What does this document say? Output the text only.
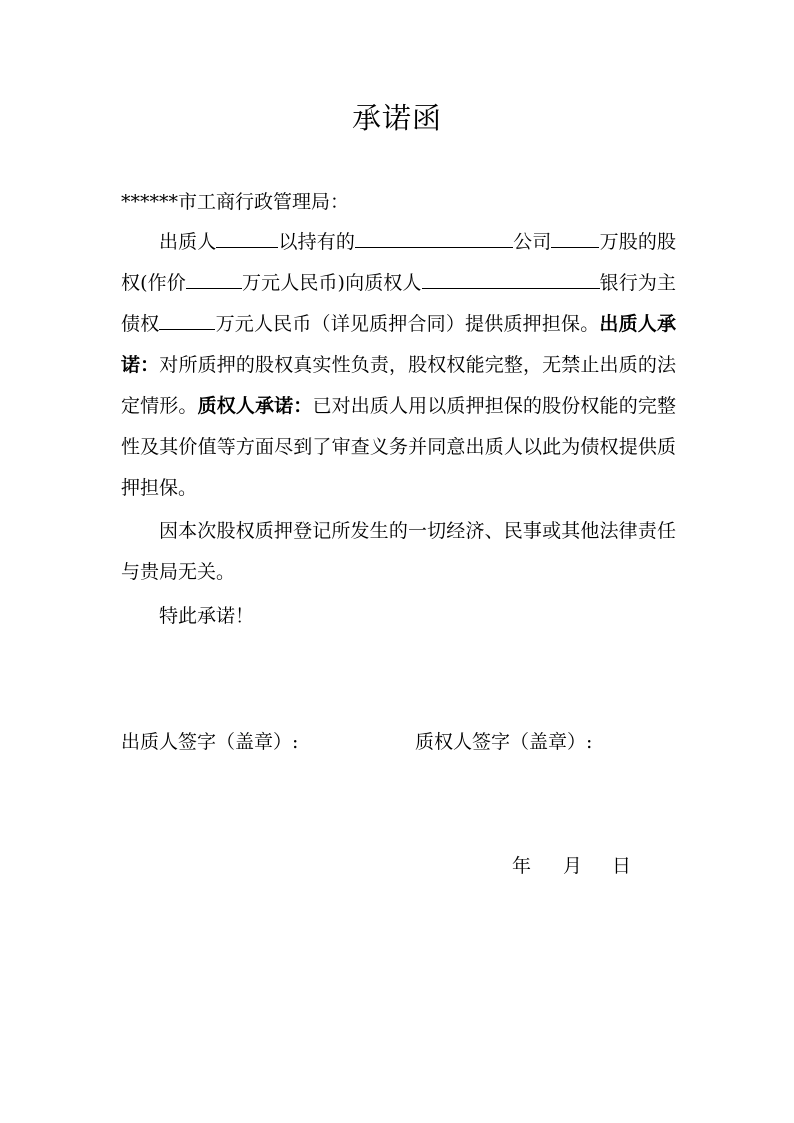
承诺函
******市工商行政管理局：

出质人	以持有的	公司	万股的股权(作价	万元人民币)向质权人	银行为主债权	万元人民币（详见质押合同）提供质押担保。出质人承诺：对所质押的股权真实性负责，股权权能完整，无禁止出质的法定情形。质权人承诺：已对出质人用以质押担保的股份权能的完整性及其价值等方面尽到了审查义务并同意出质人以此为债权提供质押担保。

因本次股权质押登记所发生的一切经济、民事或其他法律责任与贵局无关。

特此承诺！

出质人签字（盖章）:	质权人签字（盖章）:
年 月 日
